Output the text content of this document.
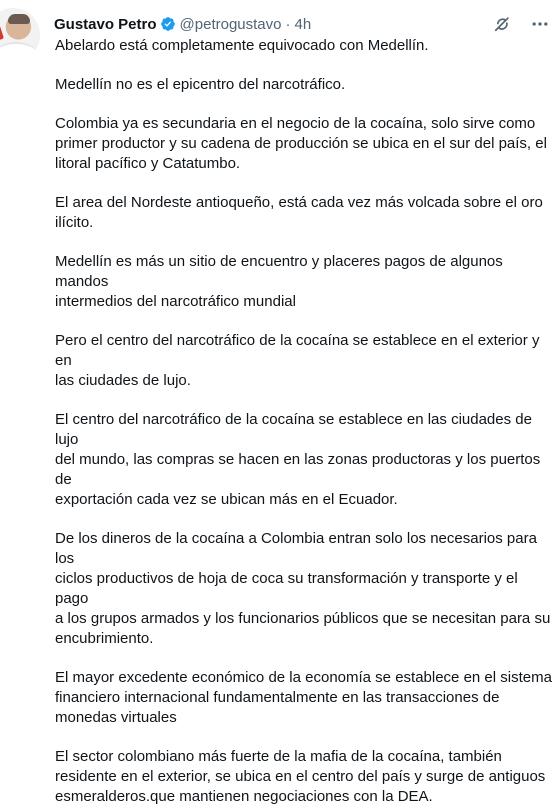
Gustavo Petro @petrogustavo · 4h

Abelardo está completamente equivocado con Medellín.

Medellín no es el epicentro del narcotráfico.

Colombia ya es secundaria en el negocio de la cocaína, solo sirve como
primer productor y su cadena de producción se ubica en el sur del país, el
litoral pacífico y Catatumbo.

El area del Nordeste antioqueño, está cada vez más volcada sobre el oro
ilícito.

Medellín es más un sitio de encuentro y placeres pagos de algunos mandos
intermedios del narcotráfico mundial

Pero el centro del narcotráfico de la cocaína se establece en el exterior y en
las ciudades de lujo.

El centro del narcotráfico de la cocaína se establece en las ciudades de lujo
del mundo, las compras se hacen en las zonas productoras y los puertos de
exportación cada vez se ubican más en el Ecuador.

De los dineros de la cocaína a Colombia entran solo los necesarios para los
ciclos productivos de hoja de coca su transformación y transporte y el pago
a los grupos armados y los funcionarios públicos que se necesitan para su
encubrimiento.

El mayor excedente económico de la economía se establece en el sistema
financiero internacional fundamentalmente en las transacciones de
monedas virtuales

El sector colombiano más fuerte de la mafia de la cocaína, también
residente en el exterior, se ubica en el centro del país y surge de antiguos
esmeralderos.que mantienen negociaciones con la DEA.
